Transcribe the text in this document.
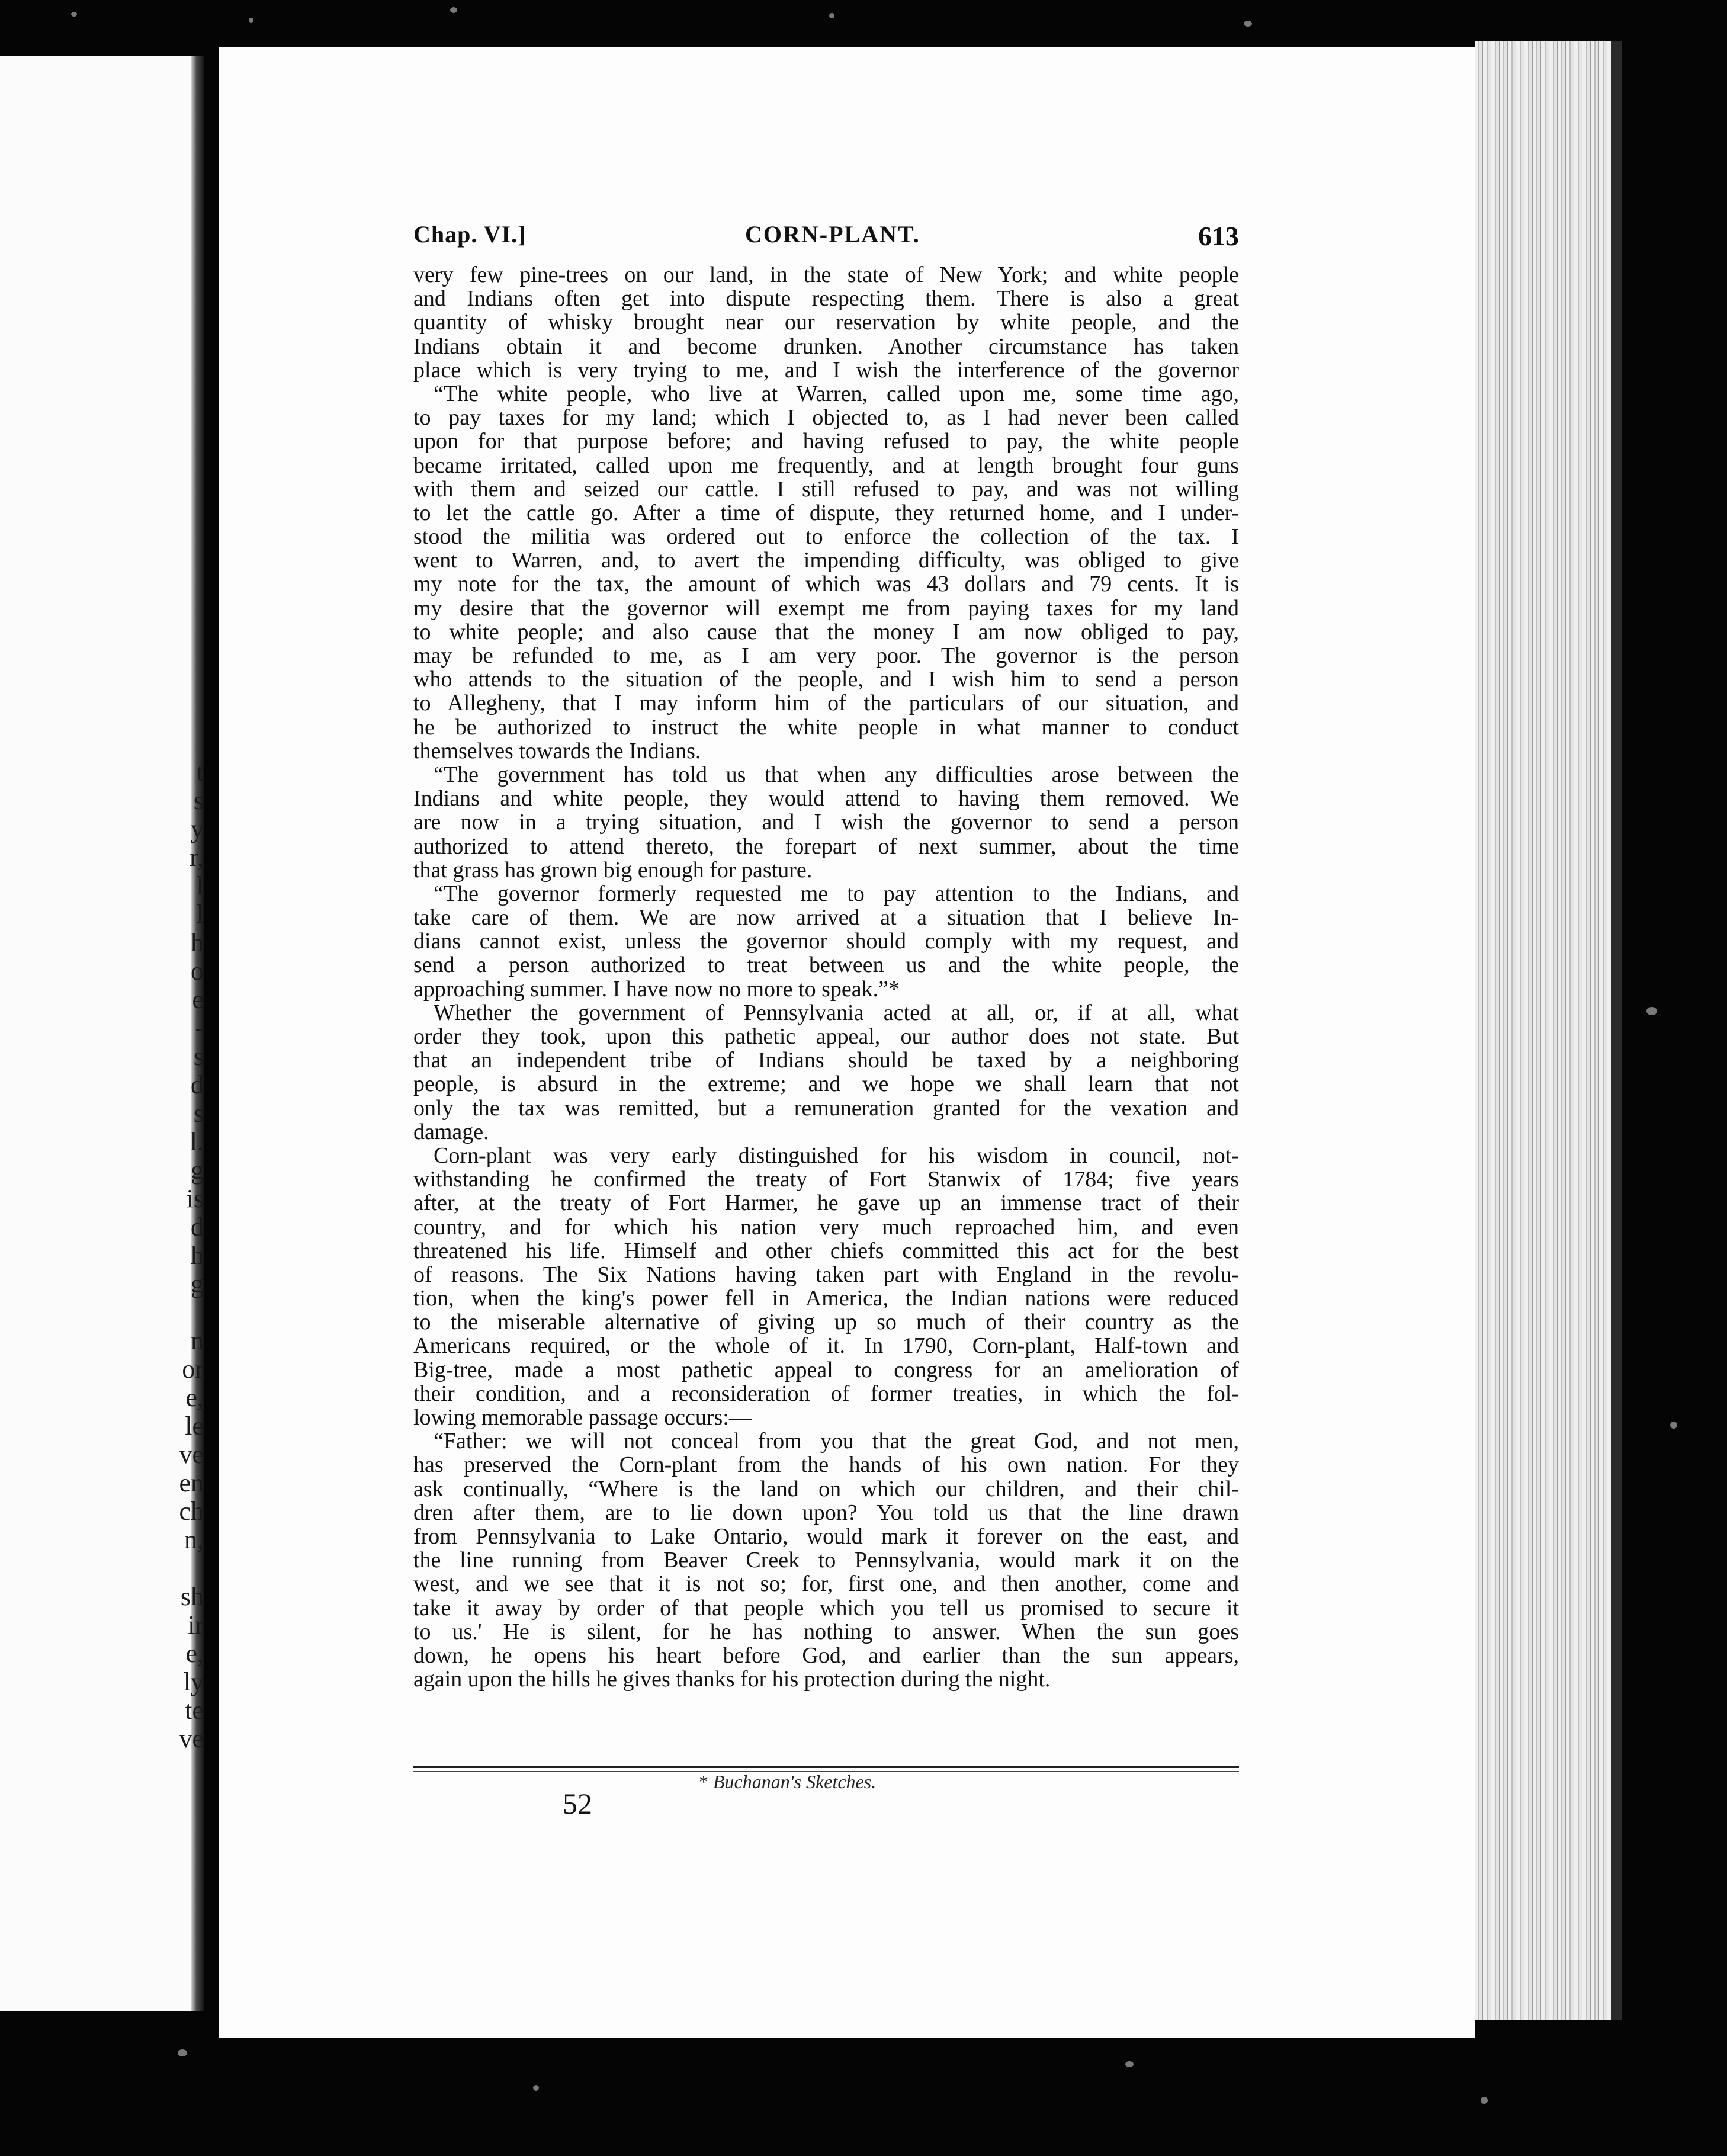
t
s
y
r,
l
l
h
o
e
-
s
d
s
l.
g
is
d
h
g
n
or
e,
le
ve
en
ch
n,
sh
ir
e,
ly
te
ve
Chap. VI.]	CORN-PLANT.	613
very few pine-trees on our land, in the state of New York; and white people
and Indians often get into dispute respecting them. There is also a great
quantity of whisky brought near our reservation by white people, and the
Indians obtain it and become drunken. Another circumstance has taken
place which is very trying to me, and I wish the interference of the governor
“The white people, who live at Warren, called upon me, some time ago,
to pay taxes for my land; which I objected to, as I had never been called
upon for that purpose before; and having refused to pay, the white people
became irritated, called upon me frequently, and at length brought four guns
with them and seized our cattle. I still refused to pay, and was not willing
to let the cattle go. After a time of dispute, they returned home, and I under-
stood the militia was ordered out to enforce the collection of the tax. I
went to Warren, and, to avert the impending difficulty, was obliged to give
my note for the tax, the amount of which was 43 dollars and 79 cents. It is
my desire that the governor will exempt me from paying taxes for my land
to white people; and also cause that the money I am now obliged to pay,
may be refunded to me, as I am very poor. The governor is the person
who attends to the situation of the people, and I wish him to send a person
to Allegheny, that I may inform him of the particulars of our situation, and
he be authorized to instruct the white people in what manner to conduct
themselves towards the Indians.
“The government has told us that when any difficulties arose between the
Indians and white people, they would attend to having them removed. We
are now in a trying situation, and I wish the governor to send a person
authorized to attend thereto, the forepart of next summer, about the time
that grass has grown big enough for pasture.
“The governor formerly requested me to pay attention to the Indians, and
take care of them. We are now arrived at a situation that I believe In-
dians cannot exist, unless the governor should comply with my request, and
send a person authorized to treat between us and the white people, the
approaching summer. I have now no more to speak.”*
Whether the government of Pennsylvania acted at all, or, if at all, what
order they took, upon this pathetic appeal, our author does not state. But
that an independent tribe of Indians should be taxed by a neighboring
people, is absurd in the extreme; and we hope we shall learn that not
only the tax was remitted, but a remuneration granted for the vexation and
damage.
Corn-plant was very early distinguished for his wisdom in council, not-
withstanding he confirmed the treaty of Fort Stanwix of 1784; five years
after, at the treaty of Fort Harmer, he gave up an immense tract of their
country, and for which his nation very much reproached him, and even
threatened his life. Himself and other chiefs committed this act for the best
of reasons. The Six Nations having taken part with England in the revolu-
tion, when the king's power fell in America, the Indian nations were reduced
to the miserable alternative of giving up so much of their country as the
Americans required, or the whole of it. In 1790, Corn-plant, Half-town and
Big-tree, made a most pathetic appeal to congress for an amelioration of
their condition, and a reconsideration of former treaties, in which the fol-
lowing memorable passage occurs:—
“Father: we will not conceal from you that the great God, and not men,
has preserved the Corn-plant from the hands of his own nation. For they
ask continually, “Where is the land on which our children, and their chil-
dren after them, are to lie down upon? You told us that the line drawn
from Pennsylvania to Lake Ontario, would mark it forever on the east, and
the line running from Beaver Creek to Pennsylvania, would mark it on the
west, and we see that it is not so; for, first one, and then another, come and
take it away by order of that people which you tell us promised to secure it
to us.' He is silent, for he has nothing to answer. When the sun goes
down, he opens his heart before God, and earlier than the sun appears,
again upon the hills he gives thanks for his protection during the night.
* Buchanan's Sketches.
52
